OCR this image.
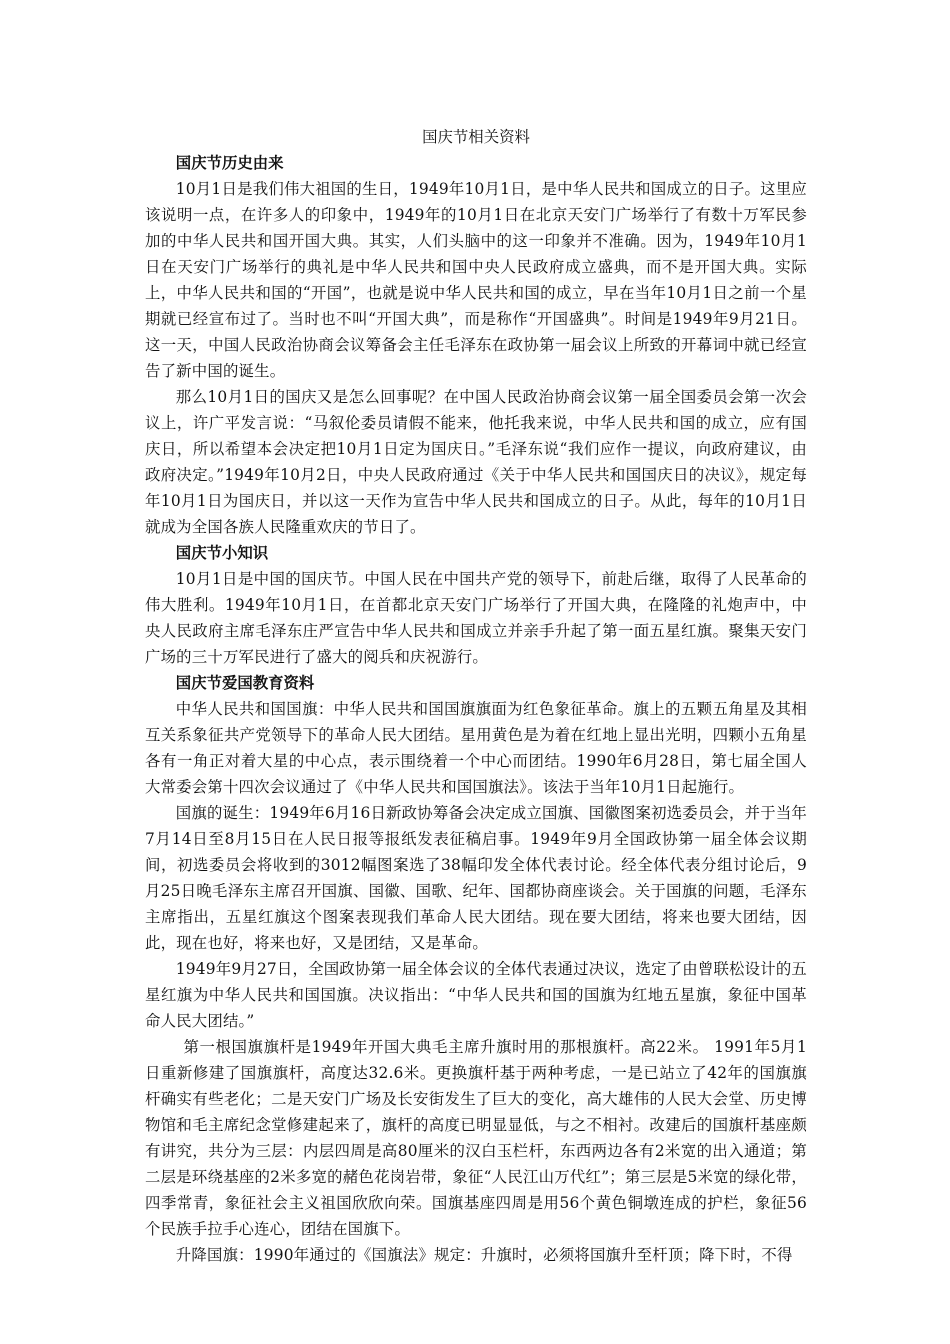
国庆节相关资料

国庆节历史由来

10月1日是我们伟大祖国的生日，1949年10月1日，是中华人民共和国成立的日子。这里应该说明一点，在许多人的印象中，1949年的10月1日在北京天安门广场举行了有数十万军民参加的中华人民共和国开国大典。其实，人们头脑中的这一印象并不准确。因为，1949年10月1日在天安门广场举行的典礼是中华人民共和国中央人民政府成立盛典，而不是开国大典。实际上，中华人民共和国的“开国”，也就是说中华人民共和国的成立，早在当年10月1日之前一个星期就已经宣布过了。当时也不叫“开国大典”，而是称作“开国盛典”。时间是1949年9月21日。这一天，中国人民政治协商会议筹备会主任毛泽东在政协第一届会议上所致的开幕词中就已经宣告了新中国的诞生。

那么10月1日的国庆又是怎么回事呢？在中国人民政治协商会议第一届全国委员会第一次会议上，许广平发言说：“马叙伦委员请假不能来，他托我来说，中华人民共和国的成立，应有国庆日，所以希望本会决定把10月1日定为国庆日。”毛泽东说“我们应作一提议，向政府建议，由政府决定。”1949年10月2日，中央人民政府通过《关于中华人民共和国国庆日的决议》，规定每年10月1日为国庆日，并以这一天作为宣告中华人民共和国成立的日子。从此，每年的10月1日就成为全国各族人民隆重欢庆的节日了。

国庆节小知识

10月1日是中国的国庆节。中国人民在中国共产党的领导下，前赴后继，取得了人民革命的伟大胜利。1949年10月1日，在首都北京天安门广场举行了开国大典，在隆隆的礼炮声中，中央人民政府主席毛泽东庄严宣告中华人民共和国成立并亲手升起了第一面五星红旗。聚集天安门广场的三十万军民进行了盛大的阅兵和庆祝游行。

国庆节爱国教育资料

中华人民共和国国旗：中华人民共和国国旗旗面为红色象征革命。旗上的五颗五角星及其相互关系象征共产党领导下的革命人民大团结。星用黄色是为着在红地上显出光明，四颗小五角星各有一角正对着大星的中心点，表示围绕着一个中心而团结。1990年6月28日，第七届全国人大常委会第十四次会议通过了《中华人民共和国国旗法》。该法于当年10月1日起施行。

国旗的诞生：1949年6月16日新政协筹备会决定成立国旗、国徽图案初选委员会，并于当年7月14日至8月15日在人民日报等报纸发表征稿启事。1949年9月全国政协第一届全体会议期间，初选委员会将收到的3012幅图案选了38幅印发全体代表讨论。经全体代表分组讨论后，9月25日晚毛泽东主席召开国旗、国徽、国歌、纪年、国都协商座谈会。关于国旗的问题，毛泽东主席指出，五星红旗这个图案表现我们革命人民大团结。现在要大团结，将来也要大团结，因此，现在也好，将来也好，又是团结，又是革命。

1949年9月27日，全国政协第一届全体会议的全体代表通过决议，选定了由曾联松设计的五星红旗为中华人民共和国国旗。决议指出：“中华人民共和国的国旗为红地五星旗，象征中国革命人民大团结。”

第一根国旗旗杆是1949年开国大典毛主席升旗时用的那根旗杆。高22米。 1991年5月1日重新修建了国旗旗杆，高度达32.6米。更换旗杆基于两种考虑，一是已站立了42年的国旗旗杆确实有些老化；二是天安门广场及长安街发生了巨大的变化，高大雄伟的人民大会堂、历史博物馆和毛主席纪念堂修建起来了，旗杆的高度已明显显低，与之不相衬。改建后的国旗杆基座颇有讲究，共分为三层：内层四周是高80厘米的汉白玉栏杆，东西两边各有2米宽的出入通道；第二层是环绕基座的2米多宽的赭色花岗岩带，象征“人民江山万代红”；第三层是5米宽的绿化带，四季常青，象征社会主义祖国欣欣向荣。国旗基座四周是用56个黄色铜墩连成的护栏，象征56个民族手拉手心连心，团结在国旗下。

升降国旗：1990年通过的《国旗法》规定：升旗时，必须将国旗升至杆顶；降下时，不得
